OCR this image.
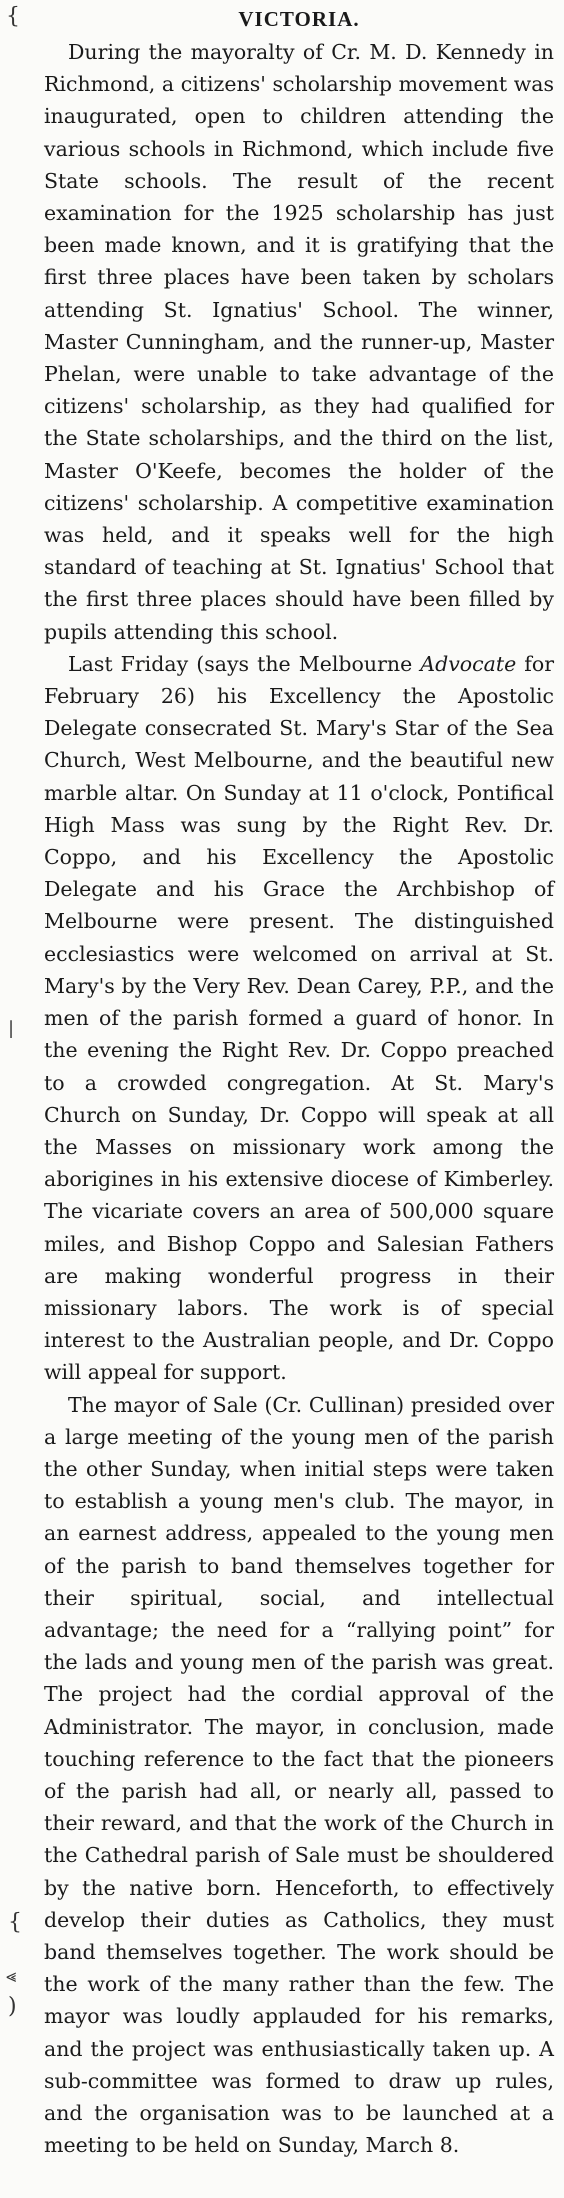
{
|
{
⪡
)
VICTORIA.

During the mayoralty of Cr. M. D. Kennedy in Richmond, a citizens' scholarship movement was inaugurated, open to children attending the various schools in Richmond, which include five State schools. The result of the recent examination for the 1925 scholarship has just been made known, and it is gratifying that the first three places have been taken by scholars attending St. Ignatius' School. The winner, Master Cunningham, and the runner-up, Master Phelan, were unable to take advantage of the citizens' scholarship, as they had qualified for the State scholarships, and the third on the list, Master O'Keefe, becomes the holder of the citizens' scholarship. A competitive examination was held, and it speaks well for the high standard of teaching at St. Ignatius' School that the first three places should have been filled by pupils attending this school.

Last Friday (says the Melbourne Advocate for February 26) his Excellency the Apostolic Delegate consecrated St. Mary's Star of the Sea Church, West Melbourne, and the beautiful new marble altar. On Sunday at 11 o'clock, Pontifical High Mass was sung by the Right Rev. Dr. Coppo, and his Excellency the Apostolic Delegate and his Grace the Archbishop of Melbourne were present. The distinguished ecclesiastics were welcomed on arrival at St. Mary's by the Very Rev. Dean Carey, P.P., and the men of the parish formed a guard of honor. In the evening the Right Rev. Dr. Coppo preached to a crowded congregation. At St. Mary's Church on Sunday, Dr. Coppo will speak at all the Masses on missionary work among the aborigines in his extensive diocese of Kimberley. The vicariate covers an area of 500,000 square miles, and Bishop Coppo and Salesian Fathers are making wonderful progress in their missionary labors. The work is of special interest to the Australian people, and Dr. Coppo will appeal for support.

The mayor of Sale (Cr. Cullinan) presided over a large meeting of the young men of the parish the other Sunday, when initial steps were taken to establish a young men's club. The mayor, in an earnest address, appealed to the young men of the parish to band themselves together for their spiritual, social, and intellectual advantage; the need for a “rallying point” for the lads and young men of the parish was great. The project had the cordial approval of the Administrator. The mayor, in conclusion, made touching reference to the fact that the pioneers of the parish had all, or nearly all, passed to their reward, and that the work of the Church in the Cathedral parish of Sale must be shouldered by the native born. Henceforth, to effectively develop their duties as Catholics, they must band themselves together. The work should be the work of the many rather than the few. The mayor was loudly applauded for his remarks, and the project was enthusiastically taken up. A sub-committee was formed to draw up rules, and the organisation was to be launched at a meeting to be held on Sunday, March 8.
